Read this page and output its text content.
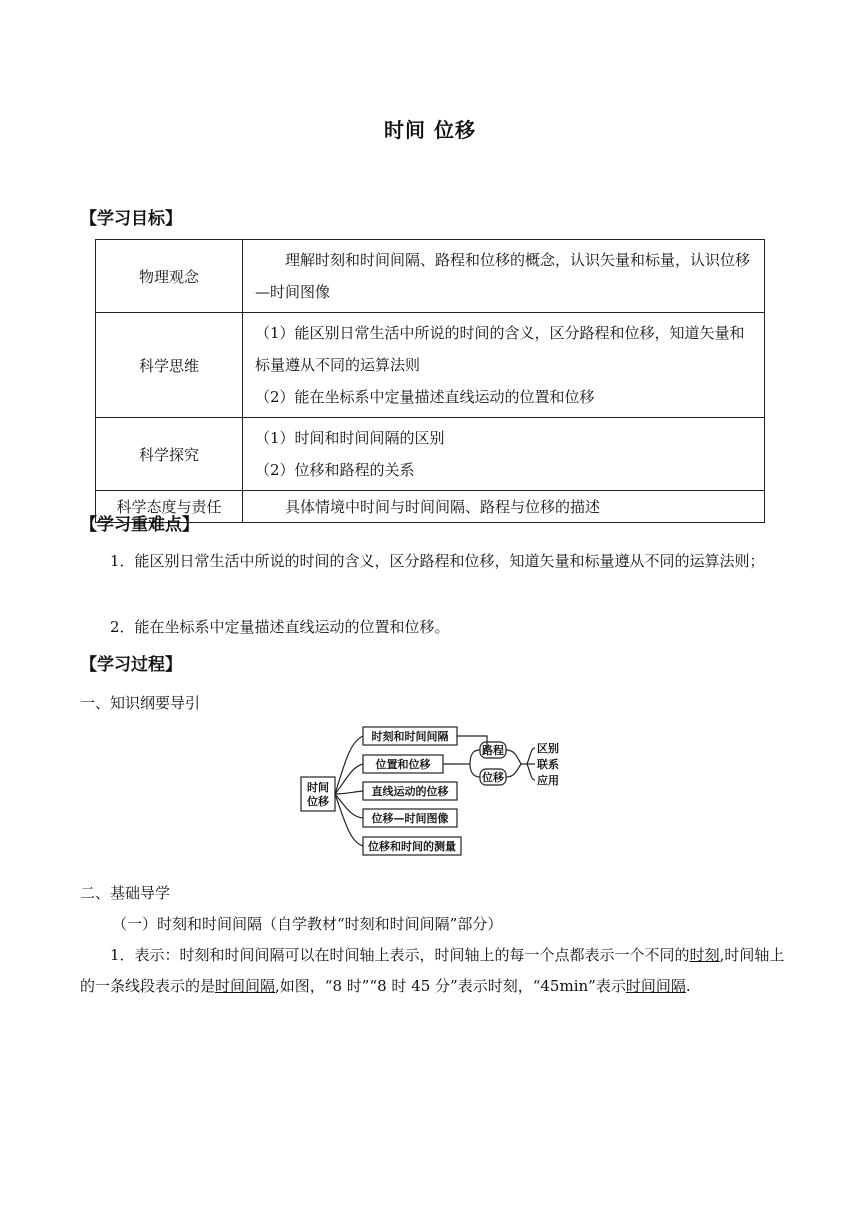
时间 位移
【学习目标】
物理观念	理解时刻和时间间隔、路程和位移的概念，认识矢量和标量，认识位移—时间图像

科学思维	（1）能区别日常生活中所说的时间的含义，区分路程和位移，知道矢量和标量遵从不同的运算法则
（2）能在坐标系中定量描述直线运动的位置和位移

科学探究	（1）时间和时间间隔的区别
（2）位移和路程的关系

科学态度与责任	具体情境中时间与时间间隔、路程与位移的描述
【学习重难点】
1．能区别日常生活中所说的时间的含义，区分路程和位移，知道矢量和标量遵从不同的运算法则；
2．能在坐标系中定量描述直线运动的位置和位移。
【学习过程】
一、知识纲要导引
时间
位移
时刻和时间间隔
位置和位移
直线运动的位移
位移—时间图像
位移和时间的测量
路程
位移
区别
联系
应用
二、基础导学
（一）时刻和时间间隔（自学教材“时刻和时间间隔”部分）
1．表示：时刻和时间间隔可以在时间轴上表示，时间轴上的每一个点都表示一个不同的时刻,时间轴上的一条线段表示的是时间间隔,如图，“8 时”“8 时 45 分”表示时刻，“45min”表示时间间隔.
